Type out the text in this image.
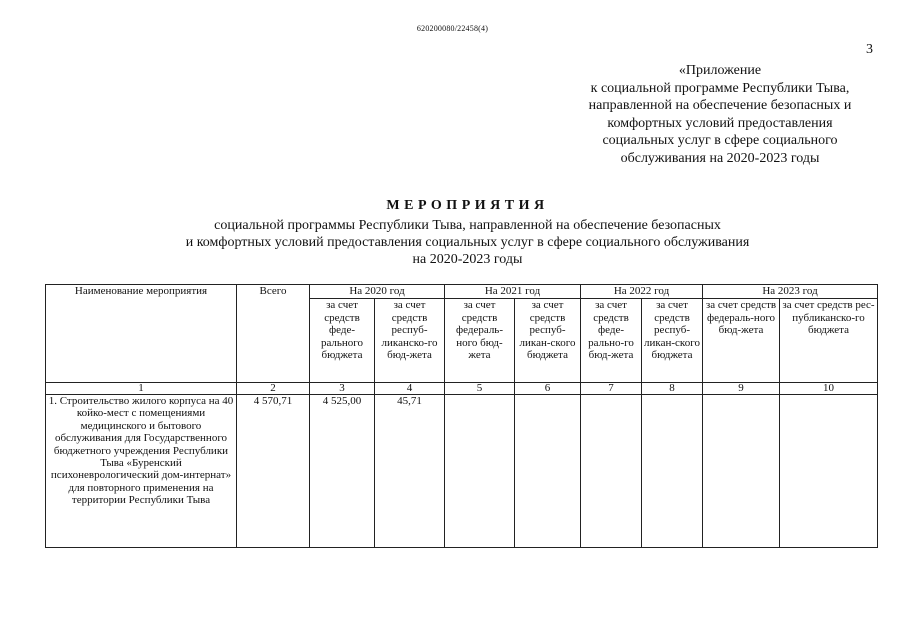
620200080/22458(4)
3
«Приложение
к социальной программе Республики Тыва,
направленной на обеспечение безопасных и
комфортных условий предоставления
социальных услуг в сфере социального
обслуживания на 2020-2023 годы
МЕРОПРИЯТИЯ
социальной программы Республики Тыва, направленной на обеспечение безопасных
и комфортных условий предоставления социальных услуг в сфере социального обслуживания
на 2020-2023 годы
Наименование мероприятия	Всего	На 2020 год		На 2021 год		На 2022 год		На 2023 год	
		за счет средств феде-рального бюджета	за счет средств респуб-ликанско-го бюд-жета	за счет средств федераль-ного бюд-жета	за счет средств респуб-ликан-ского бюджета	за счет средств феде-рально-го бюд-жета	за счет средств респуб-ликан-ского бюджета	за счет средств федераль-ного бюд-жета	за счет средств рес-публиканско-го бюджета
1	2	3	4	5	6	7	8	9	10
1. Строительство жилого корпуса на 40 койко-мест с помещениями медицинского и бытового обслуживания для Государственного бюджетного учреждения Республики Тыва «Буренский психоневрологический дом-интернат» для повторного применения на территории Республики Тыва	4 570,71	4 525,00	45,71						
